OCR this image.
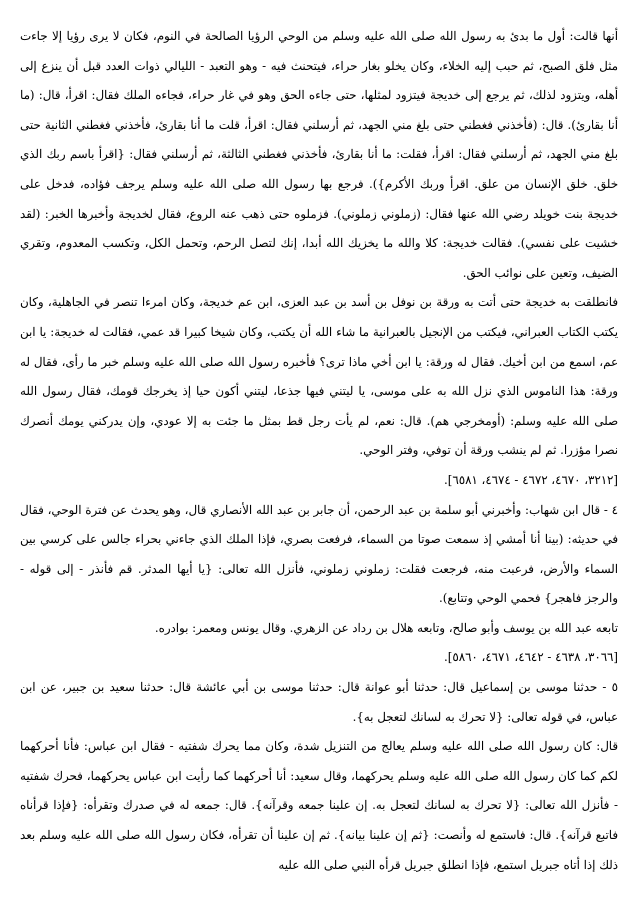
أنها قالت: أول ما بدئ به رسول الله صلى الله عليه وسلم من الوحي الرؤيا الصالحة في النوم، فكان لا يرى رؤيا إلا جاءت مثل فلق الصبح، ثم حبب إليه الخلاء، وكان يخلو بغار حراء، فيتحنث فيه - وهو التعبد - الليالي ذوات العدد قبل أن ينزع إلى أهله، ويتزود لذلك، ثم يرجع إلى خديجة فيتزود لمثلها، حتى جاءه الحق وهو في غار حراء، فجاءه الملك فقال: اقرأ، قال: (ما أنا بقارئ). قال: (فأخذني فغطني حتى بلغ مني الجهد، ثم أرسلني فقال: اقرأ، قلت ما أنا بقارئ، فأخذني فغطني الثانية حتى بلغ مني الجهد، ثم أرسلني فقال: اقرأ، فقلت: ما أنا بقارئ، فأخذني فغطني الثالثة، ثم أرسلني فقال: {اقرأ باسم ربك الذي خلق. خلق الإنسان من علق. اقرأ وربك الأكرم}). فرجع بها رسول الله صلى الله عليه وسلم يرجف فؤاده، فدخل على خديجة بنت خويلد رضي الله عنها فقال: (زملوني زملوني). فزملوه حتى ذهب عنه الروع، فقال لخديجة وأخبرها الخبر: (لقد خشيت على نفسي). فقالت خديجة: كلا والله ما يخزيك الله أبدا، إنك لتصل الرحم، وتحمل الكل، وتكسب المعدوم، وتقري الضيف، وتعين على نوائب الحق.

فانطلقت به خديجة حتى أتت به ورقة بن نوفل بن أسد بن عبد العزى، ابن عم خديجة، وكان امرءا تنصر في الجاهلية، وكان يكتب الكتاب العبراني، فيكتب من الإنجيل بالعبرانية ما شاء الله أن يكتب، وكان شيخا كبيرا قد عمي، فقالت له خديجة: يا ابن عم، اسمع من ابن أخيك. فقال له ورقة: يا ابن أخي ماذا ترى؟ فأخبره رسول الله صلى الله عليه وسلم خبر ما رأى، فقال له ورقة: هذا الناموس الذي نزل الله به على موسى، يا ليتني فيها جذعا، ليتني أكون حيا إذ يخرجك قومك، فقال رسول الله صلى الله عليه وسلم: (أومخرجي هم). قال: نعم، لم يأت رجل قط بمثل ما جئت به إلا عودي، وإن يدركني يومك أنصرك نصرا مؤزرا. ثم لم ينشب ورقة أن توفي، وفتر الوحي.

[٣٢١٢، ٤٦٧٠، ٤٦٧٢ - ٤٦٧٤، ٦٥٨١].

٤ - قال ابن شهاب: وأخبرني أبو سلمة بن عبد الرحمن، أن جابر بن عبد الله الأنصاري قال، وهو يحدث عن فترة الوحي، فقال في حديثه: (بينا أنا أمشي إذ سمعت صوتا من السماء، فرفعت بصري، فإذا الملك الذي جاءني بحراء جالس على كرسي بين السماء والأرض، فرعبت منه، فرجعت فقلت: زملوني زملوني، فأنزل الله تعالى: {يا أيها المدثر. قم فأنذر - إلى قوله - والرجز فاهجر} فحمي الوحي وتتابع).

تابعه عبد الله بن يوسف وأبو صالح، وتابعه هلال بن رداد عن الزهري. وقال يونس ومعمر: بوادره.

[٣٠٦٦، ٤٦٣٨ - ٤٦٤٢، ٤٦٧١، ٥٨٦٠].

٥ - حدثنا موسى بن إسماعيل قال: حدثنا أبو عوانة قال: حدثنا موسى بن أبي عائشة قال: حدثنا سعيد بن جبير، عن ابن عباس، في قوله تعالى: {لا تحرك به لسانك لتعجل به}.

قال: كان رسول الله صلى الله عليه وسلم يعالج من التنزيل شدة، وكان مما يحرك شفتيه - فقال ابن عباس: فأنا أحركهما لكم كما كان رسول الله صلى الله عليه وسلم يحركهما، وقال سعيد: أنا أحركهما كما رأيت ابن عباس يحركهما، فحرك شفتيه - فأنزل الله تعالى: {لا تحرك به لسانك لتعجل به. إن علينا جمعه وقرآنه}. قال: جمعه له في صدرك وتقرأه: {فإذا قرأناه فاتبع قرآنه}. قال: فاستمع له وأنصت: {ثم إن علينا بيانه}. ثم إن علينا أن تقرأه، فكان رسول الله صلى الله عليه وسلم بعد ذلك إذا أتاه جبريل استمع، فإذا انطلق جبريل قرأه النبي صلى الله عليه
